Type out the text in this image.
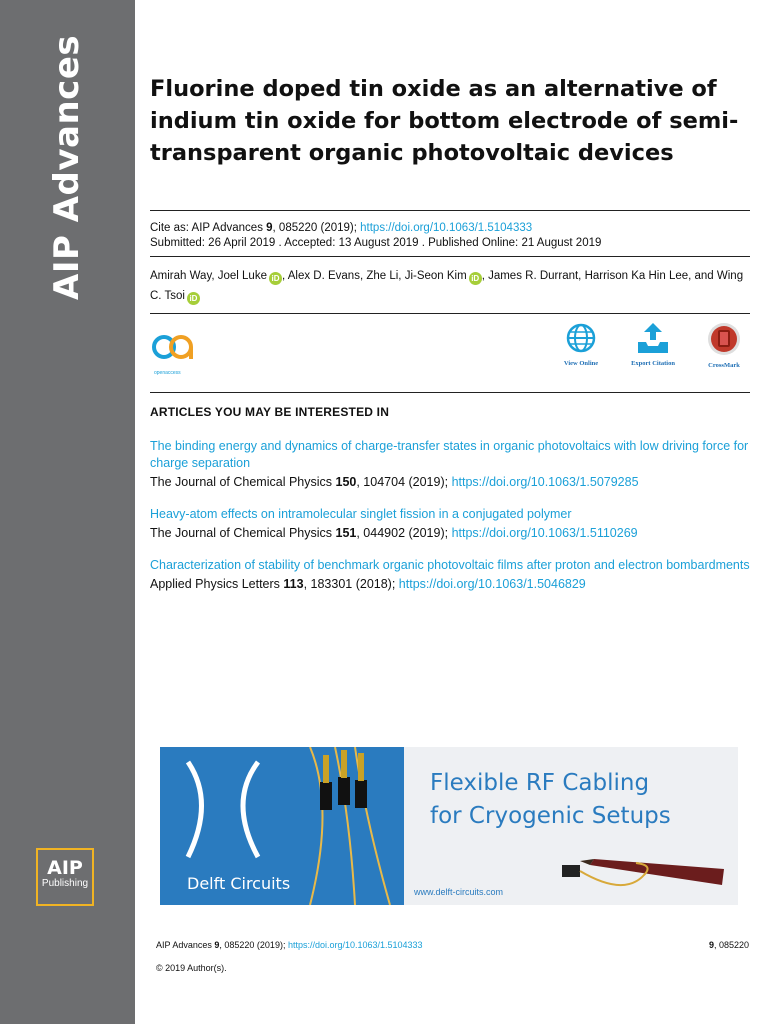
AIP Advances
AIP
Publishing
Fluorine doped tin oxide as an alternative of indium tin oxide for bottom electrode of semi-transparent organic photovoltaic devices
Cite as: AIP Advances 9, 085220 (2019); https://doi.org/10.1063/1.5104333
Submitted: 26 April 2019 . Accepted: 13 August 2019 . Published Online: 21 August 2019
Amirah Way, Joel Luke iD , Alex D. Evans, Zhe Li, Ji-Seon Kim iD , James R. Durrant, Harrison Ka Hin Lee, and Wing C. Tsoi iD
openaccess
View Online	Export Citation	CrossMark
ARTICLES YOU MAY BE INTERESTED IN
The binding energy and dynamics of charge-transfer states in organic photovoltaics with low driving force for charge separation
The Journal of Chemical Physics 150, 104704 (2019); https://doi.org/10.1063/1.5079285
Heavy-atom effects on intramolecular singlet fission in a conjugated polymer
The Journal of Chemical Physics 151, 044902 (2019); https://doi.org/10.1063/1.5110269
Characterization of stability of benchmark organic photovoltaic films after proton and electron bombardments
Applied Physics Letters 113, 183301 (2018); https://doi.org/10.1063/1.5046829
Delft Circuits
Flexible RF Cabling
for Cryogenic Setups
www.delft-circuits.com
AIP Advances 9, 085220 (2019); https://doi.org/10.1063/1.5104333	9, 085220
© 2019 Author(s).
